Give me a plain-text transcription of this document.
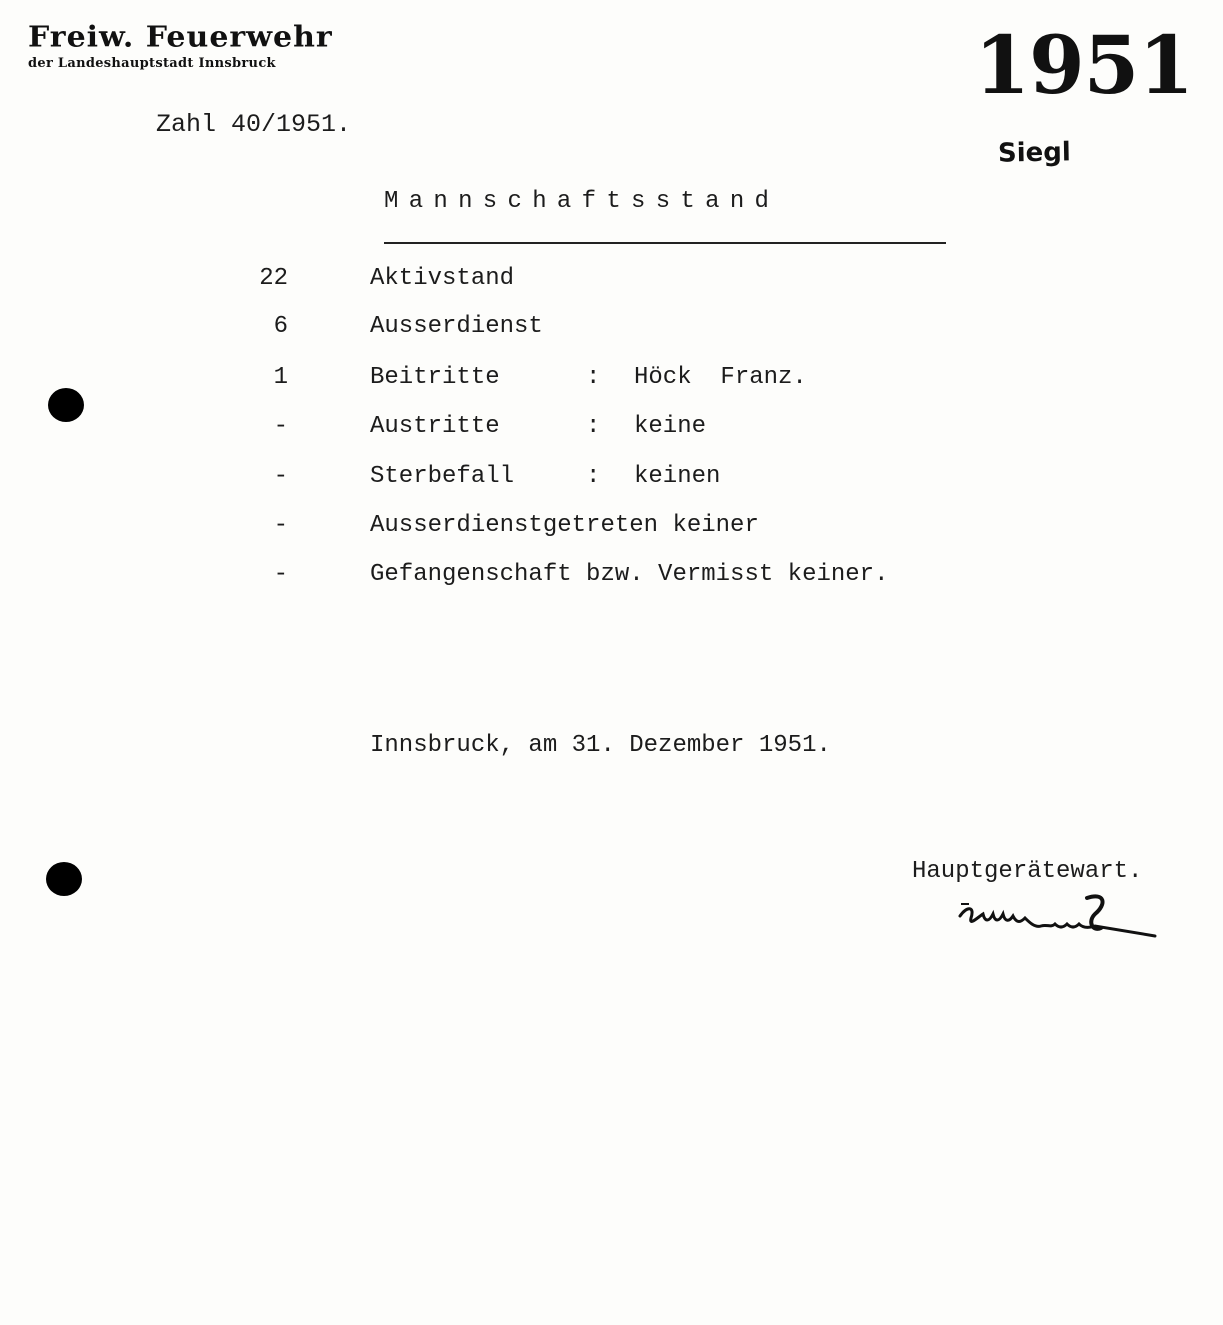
Freiw. Feuerwehr
der Landeshauptstadt Innsbruck	1951
Siegl
Zahl 40/1951.
Mannschaftsstand
22	Aktivstand
6	Ausserdienst
1	Beitritte	: Höck  Franz.
-	Austritte	: keine
-	Sterbefall	: keinen
-	Ausserdienstgetreten keiner
-	Gefangenschaft bzw. Vermisst keiner.
Innsbruck, am 31. Dezember 1951.
Hauptgerätewart.
